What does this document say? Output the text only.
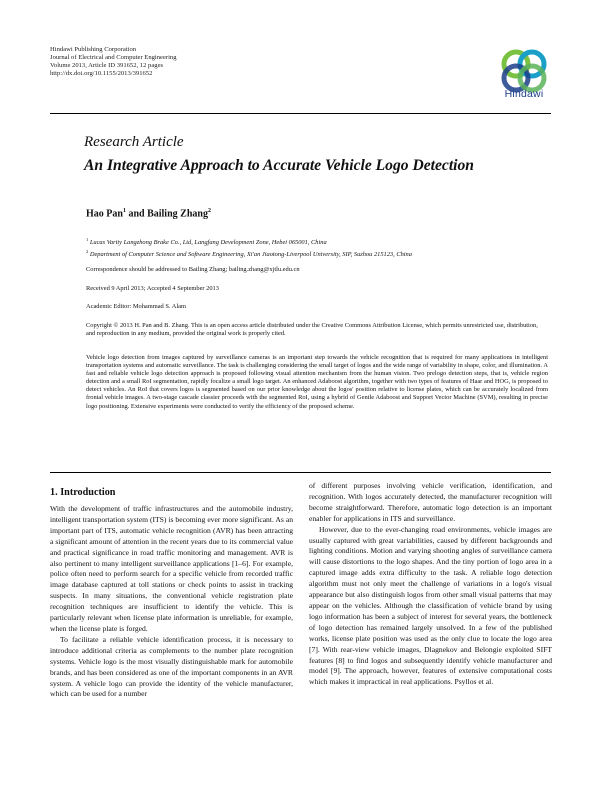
Hindawi Publishing Corporation
Journal of Electrical and Computer Engineering
Volume 2013, Article ID 391652, 12 pages
http://dx.doi.org/10.1155/2013/391652
Hindawi
Research Article
An Integrative Approach to Accurate Vehicle Logo Detection
Hao Pan$^1$ and Bailing Zhang$^2$
$^1$ Lucas Varity Langzhong Brake Co., Ltd, Langfang Development Zone, Hebei 065001, China
$^2$ Department of Computer Science and Software Engineering, Xi'an Jiaotong-Liverpool University, SIP, Suzhou 215123, China
Correspondence should be addressed to Bailing Zhang; bailing.zhang@xjtlu.edu.cn
Received 9 April 2013; Accepted 4 September 2013
Academic Editor: Mohammad S. Alam
Copyright © 2013 H. Pan and B. Zhang. This is an open access article distributed under the Creative Commons Attribution License, which permits unrestricted use, distribution, and reproduction in any medium, provided the original work is properly cited.
Vehicle logo detection from images captured by surveillance cameras is an important step towards the vehicle recognition that is required for many applications in intelligent transportation systems and automatic surveillance. The task is challenging considering the small target of logos and the wide range of variability in shape, color, and illumination. A fast and reliable vehicle logo detection approach is proposed following visual attention mechanism from the human vision. Two prelogo detection steps, that is, vehicle region detection and a small RoI segmentation, rapidly focalize a small logo target. An enhanced Adaboost algorithm, together with two types of features of Haar and HOG, is proposed to detect vehicles. An RoI that covers logos is segmented based on our prior knowledge about the logos' position relative to license plates, which can be accurately localized from frontal vehicle images. A two-stage cascade classier proceeds with the segmented RoI, using a hybrid of Gentle Adaboost and Support Vector Machine (SVM), resulting in precise logo positioning. Extensive experiments were conducted to verify the efficiency of the proposed scheme.
1. Introduction

With the development of traffic infrastructures and the automobile industry, intelligent transportation system (ITS) is becoming ever more significant. As an important part of ITS, automatic vehicle recognition (AVR) has been attracting a significant amount of attention in the recent years due to its commercial value and practical significance in road traffic monitoring and management. AVR is also pertinent to many intelligent surveillance applications [1–6]. For example, police often need to perform search for a specific vehicle from recorded traffic image database captured at toll stations or check points to assist in tracking suspects. In many situations, the conventional vehicle registration plate recognition techniques are insufficient to identify the vehicle. This is particularly relevant when license plate information is unreliable, for example, when the license plate is forged.

To facilitate a reliable vehicle identification process, it is necessary to introduce additional criteria as complements to the number plate recognition systems. Vehicle logo is the most visually distinguishable mark for automobile brands, and has been considered as one of the important components in an AVR system. A vehicle logo can provide the identity of the vehicle manufacturer, which can be used for a number

of different purposes involving vehicle verification, identification, and recognition. With logos accurately detected, the manufacturer recognition will become straightforward. Therefore, automatic logo detection is an important enabler for applications in ITS and surveillance.

However, due to the ever-changing road environments, vehicle images are usually captured with great variabilities, caused by different backgrounds and lighting conditions. Motion and varying shooting angles of surveillance camera will cause distortions to the logo shapes. And the tiny portion of logo area in a captured image adds extra difficulty to the task. A reliable logo detection algorithm must not only meet the challenge of variations in a logo's visual appearance but also distinguish logos from other small visual patterns that may appear on the vehicles. Although the classification of vehicle brand by using logo information has been a subject of interest for several years, the bottleneck of logo detection has remained largely unsolved. In a few of the published works, license plate position was used as the only clue to locate the logo area [7]. With rear-view vehicle images, Dlagnekov and Belongie exploited SIFT features [8] to find logos and subsequently identify vehicle manufacturer and model [9]. The approach, however, features of extensive computational costs which makes it impractical in real applications. Psyllos et al.
